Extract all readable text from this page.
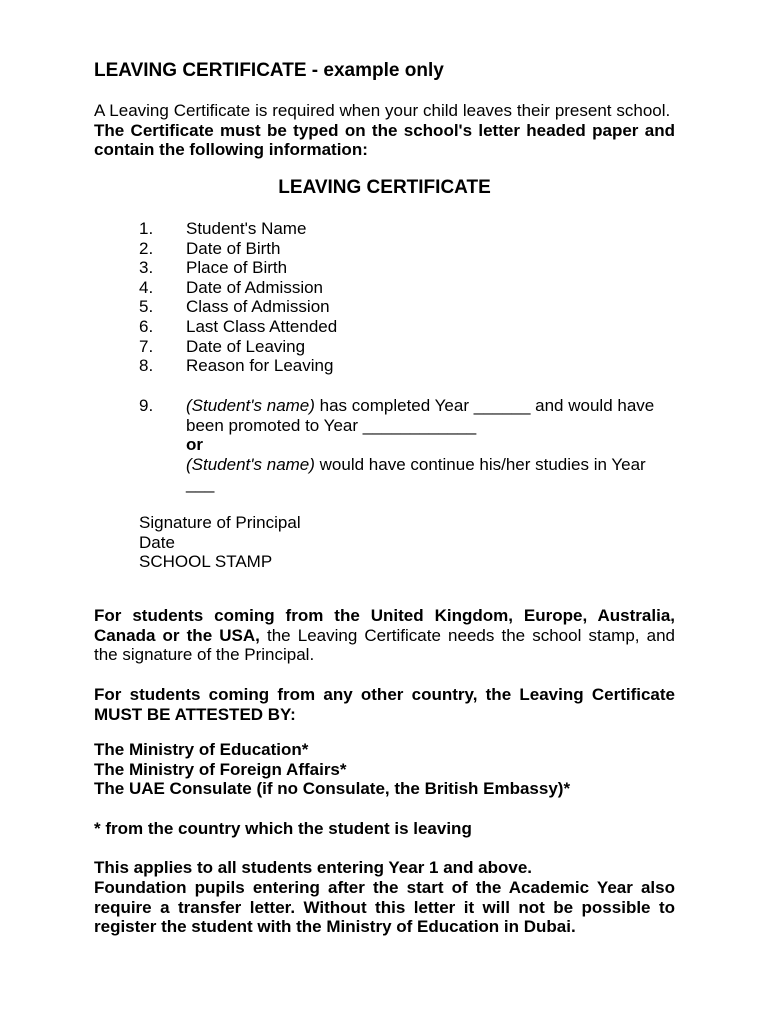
LEAVING CERTIFICATE - example only
A Leaving Certificate is required when your child leaves their present school.  The Certificate must be typed on the school's letter headed paper and contain the following information:
LEAVING CERTIFICATE
1.	Student's Name
2.	Date of Birth
3.	Place of Birth
4.	Date of Admission
5.	Class of Admission
6.	Last Class Attended
7.	Date of Leaving
8.	Reason for Leaving
9.	(Student's name) has completed Year ______ and would have been promoted to Year ____________
or
(Student's name) would have continue his/her studies in Year ___
Signature of Principal
Date
SCHOOL STAMP
For students coming from the United Kingdom, Europe, Australia, Canada or the USA, the Leaving Certificate needs the school stamp, and the signature of the Principal.
For students coming from any other country, the Leaving Certificate MUST BE ATTESTED BY:
The Ministry of Education*
The Ministry of Foreign Affairs*
The UAE Consulate (if no Consulate, the British Embassy)*
* from the country which the student is leaving
This applies to all students entering Year 1 and above.
Foundation pupils entering after the start of the Academic Year also require a transfer letter. Without this letter it will not be possible to register the student with the Ministry of Education in Dubai.
